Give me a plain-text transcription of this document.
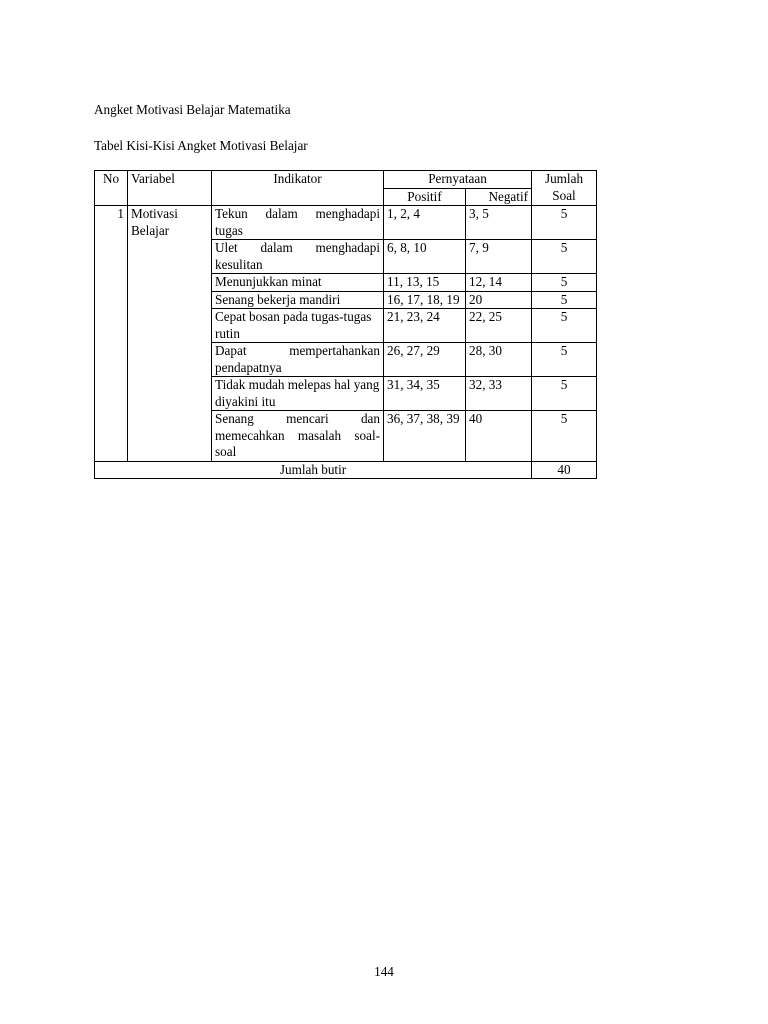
Angket Motivasi Belajar Matematika
Tabel Kisi-Kisi Angket Motivasi Belajar
No	Variabel	Indikator	Pernyataan		Jumlah Soal
			Positif	Negatif	
1	Motivasi Belajar	Tekun dalam menghadapi tugas	1, 2, 4	3, 5	5
		Ulet dalam menghadapi kesulitan	6, 8, 10	7, 9	5
		Menunjukkan minat	11, 13, 15	12, 14	5
		Senang bekerja mandiri	16, 17, 18, 19	20	5
		Cepat bosan pada tugas-tugas rutin	21, 23, 24	22, 25	5
		Dapat mempertahankan pendapatnya	26, 27, 29	28, 30	5
		Tidak mudah melepas hal yang diyakini itu	31, 34, 35	32, 33	5
		Senang mencari dan memecahkan masalah soal-soal	36, 37, 38, 39	40	5
Jumlah butir					40
144
